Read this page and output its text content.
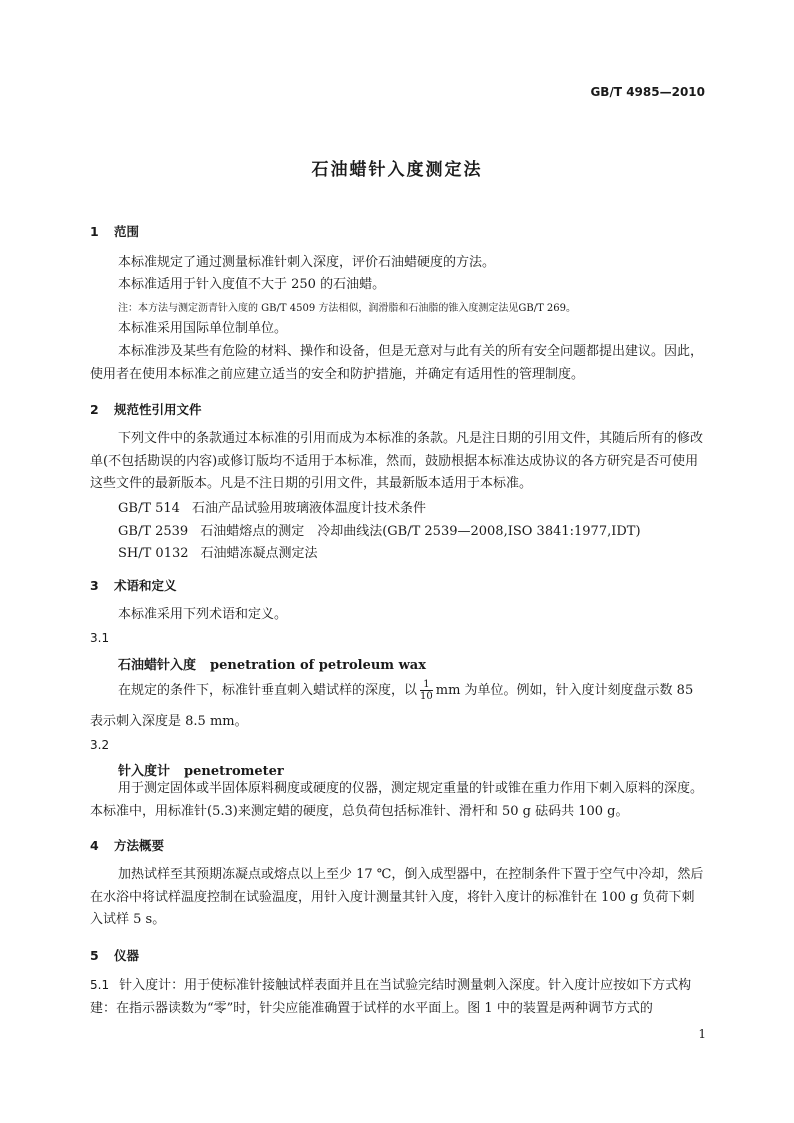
GB/T 4985—2010
石油蜡针入度测定法
1 范围
本标准规定了通过测量标准针刺入深度，评价石油蜡硬度的方法。
本标准适用于针入度值不大于 250 的石油蜡。
注：本方法与测定沥青针入度的 GB/T 4509 方法相似，润滑脂和石油脂的锥入度测定法见GB/T 269。
本标准采用国际单位制单位。
本标准涉及某些有危险的材料、操作和设备，但是无意对与此有关的所有安全问题都提出建议。因此，使用者在使用本标准之前应建立适当的安全和防护措施，并确定有适用性的管理制度。
2 规范性引用文件
下列文件中的条款通过本标准的引用而成为本标准的条款。凡是注日期的引用文件，其随后所有的修改单(不包括勘误的内容)或修订版均不适用于本标准，然而，鼓励根据本标准达成协议的各方研究是否可使用这些文件的最新版本。凡是不注日期的引用文件，其最新版本适用于本标准。
GB/T 514 石油产品试验用玻璃液体温度计技术条件
GB/T 2539 石油蜡熔点的测定　冷却曲线法(GB/T 2539—2008,ISO 3841:1977,IDT)
SH/T 0132 石油蜡冻凝点测定法
3 术语和定义
本标准采用下列术语和定义。
3.1
石油蜡针入度 penetration of petroleum wax
在规定的条件下，标准针垂直刺入蜡试样的深度，以 $\frac{1}{10}$ mm 为单位。例如，针入度计刻度盘示数 85
表示刺入深度是 8.5 mm。
3.2
针入度计 penetrometer
用于测定固体或半固体原料稠度或硬度的仪器，测定规定重量的针或锥在重力作用下刺入原料的深度。本标准中，用标准针(5.3)来测定蜡的硬度，总负荷包括标准针、滑杆和 50 g 砝码共 100 g。
4 方法概要
加热试样至其预期冻凝点或熔点以上至少 17 ℃，倒入成型器中，在控制条件下置于空气中冷却，然后在水浴中将试样温度控制在试验温度，用针入度计测量其针入度，将针入度计的标准针在 100 g 负荷下刺入试样 5 s。
5 仪器
5.1 针入度计：用于使标准针接触试样表面并且在当试验完结时测量刺入深度。针入度计应按如下方式构建：在指示器读数为“零”时，针尖应能准确置于试样的水平面上。图 1 中的装置是两种调节方式的
1
